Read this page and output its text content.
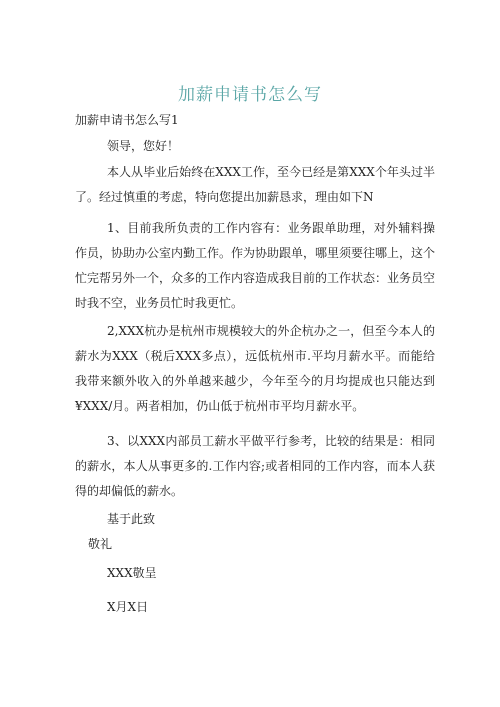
加薪申请书怎么写
加薪申请书怎么写1
领导，您好！
本人从毕业后始终在XXX工作，至今已经是第XXX个年头过半了。经过慎重的考虑，特向您提出加薪恳求，理由如下N
1、目前我所负责的工作内容有：业务跟单助理，对外辅料操作员，协助办公室内勤工作。作为协助跟单，哪里须要往哪上，这个忙完帮另外一个，众多的工作内容造成我目前的工作状态：业务员空时我不空，业务员忙时我更忙。
2,XXX杭办是杭州市规模较大的外企杭办之一，但至今本人的薪水为XXX（税后XXX多点），远低杭州市.平均月薪水平。而能给我带来额外收入的外单越来越少，今年至今的月均提成也只能达到¥XXX/月。两者相加，仍山低于杭州市平均月薪水平。
3、以XXX内部员工薪水平做平行参考，比较的结果是：相同的薪水，本人从事更多的.工作内容;或者相同的工作内容，而本人获得的却偏低的薪水。
基于此致
敬礼
XXX敬呈
X月X日
